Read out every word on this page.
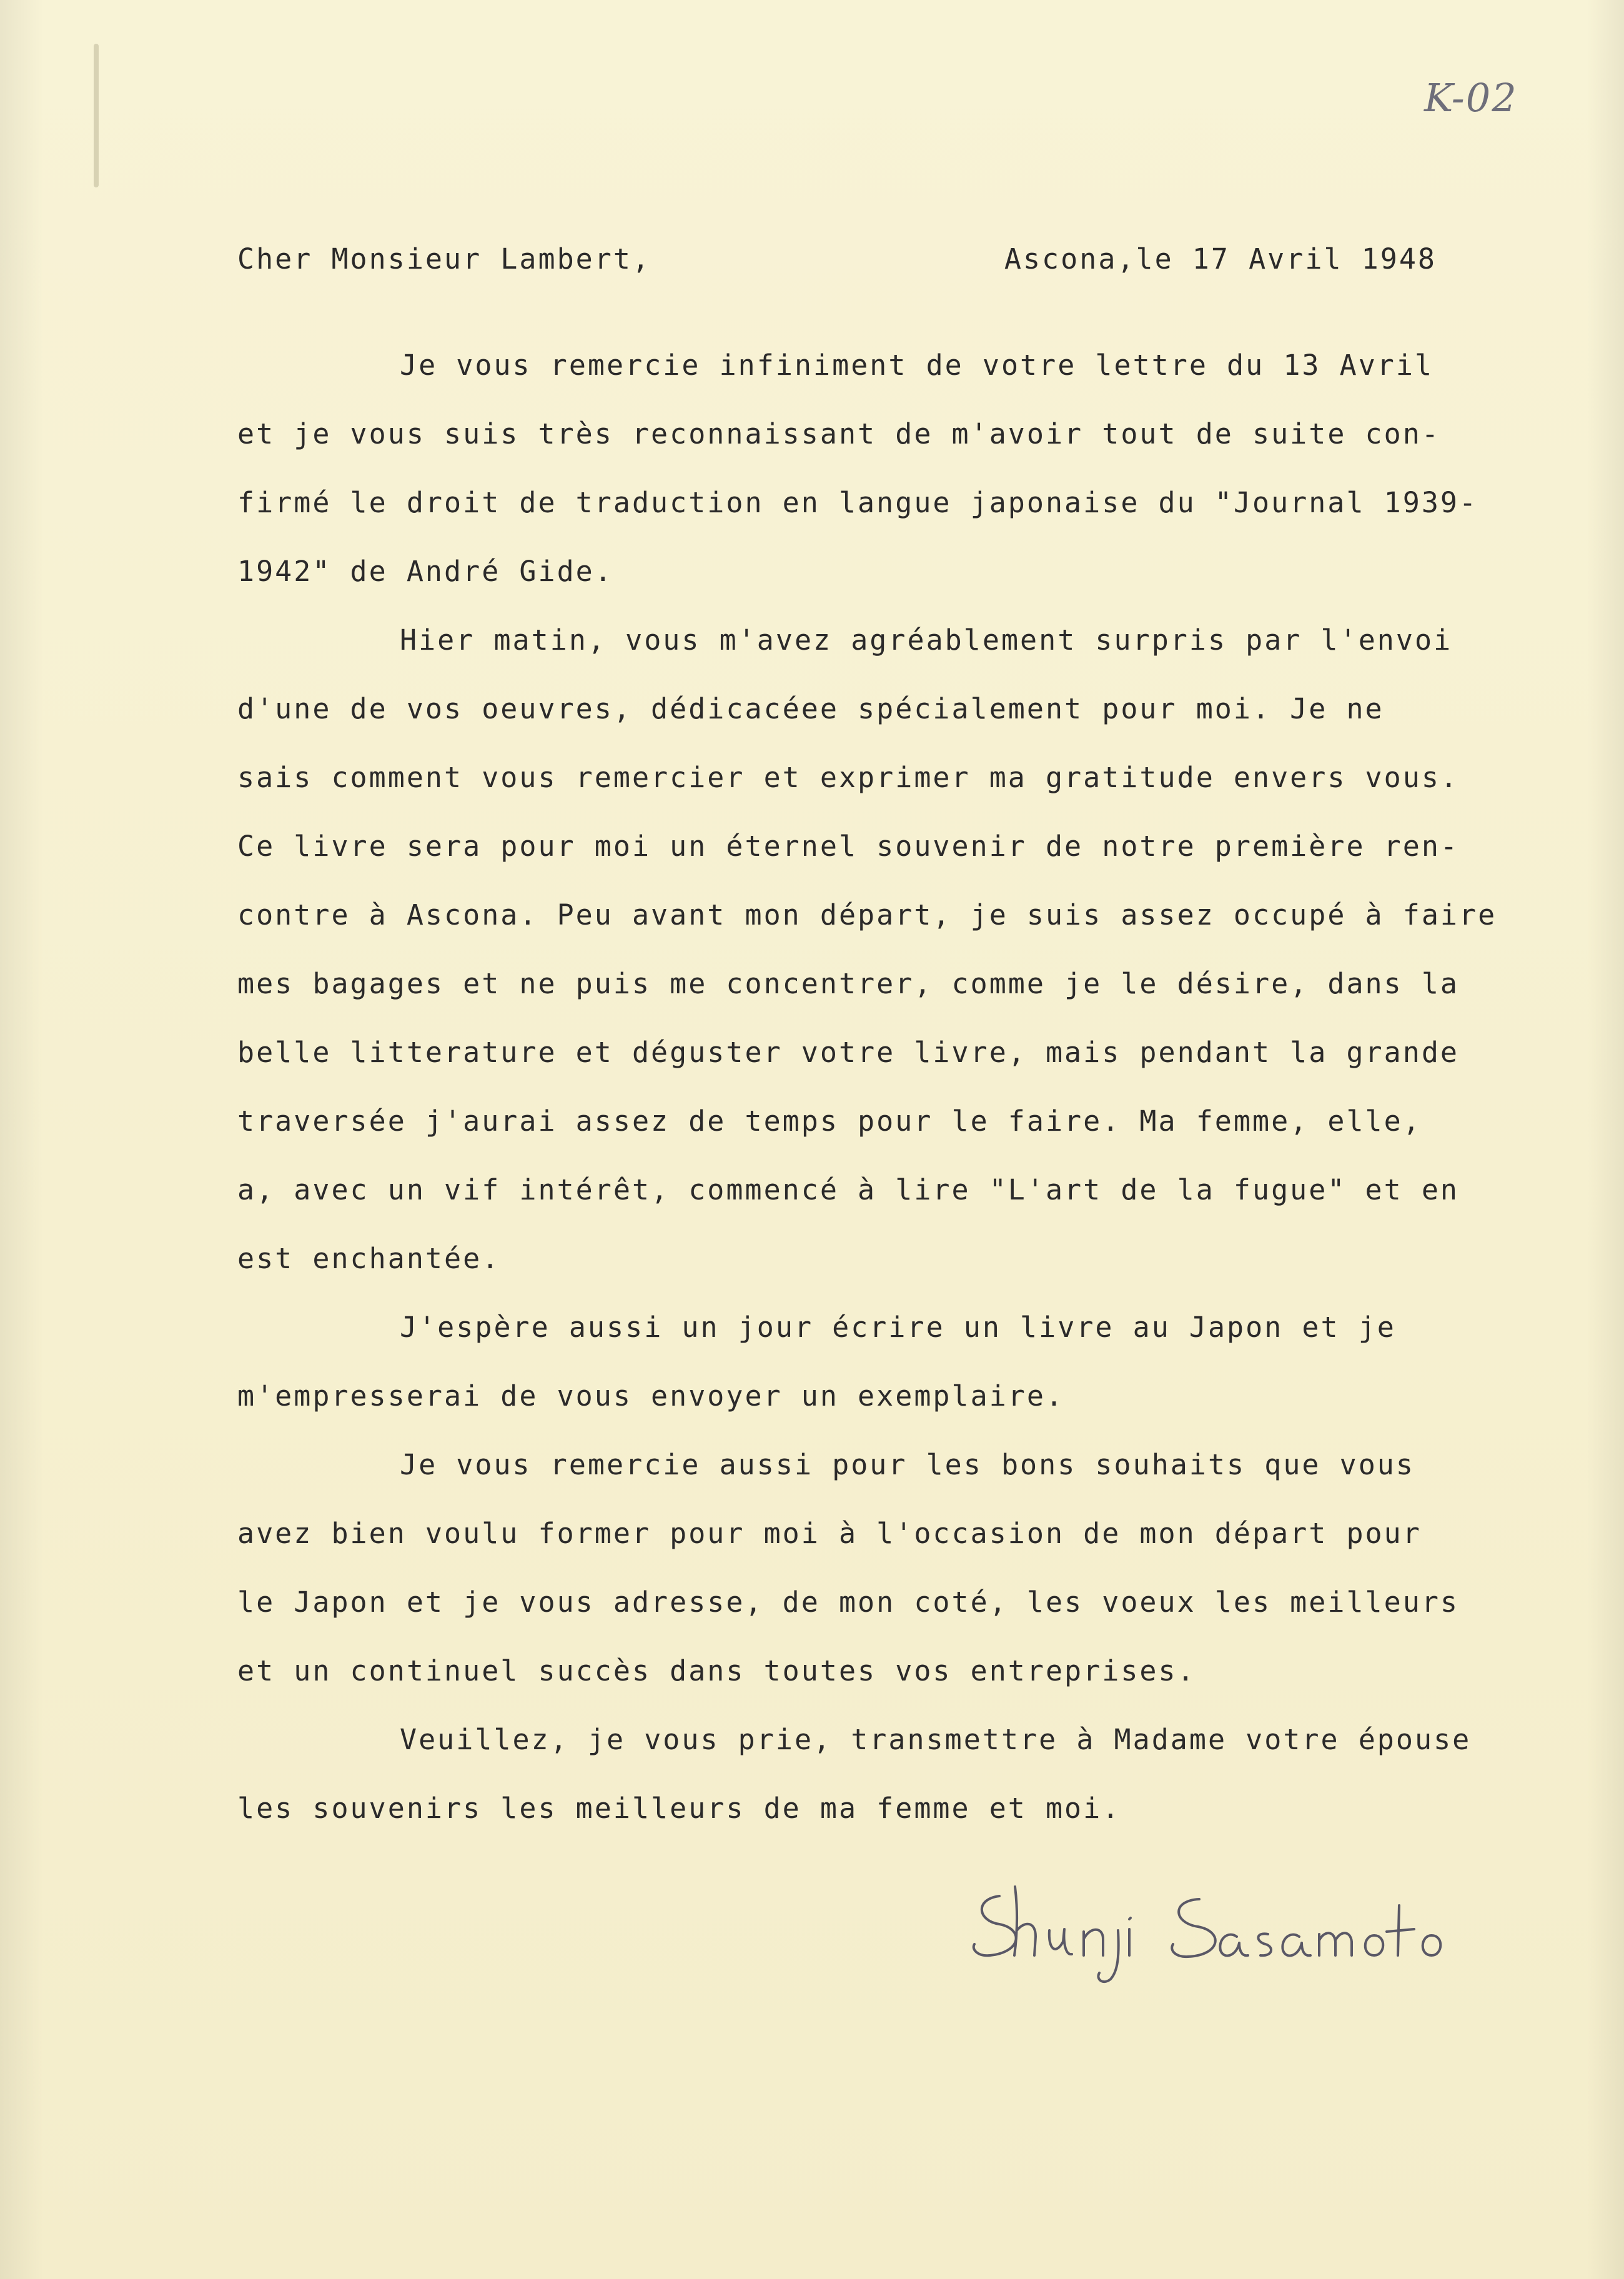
K-02
Cher Monsieur Lambert,	Ascona,le 17 Avril 1948
Je vous remercie infiniment de votre lettre du 13 Avril
et je vous suis très reconnaissant de m'avoir tout de suite con-
firmé le droit de traduction en langue japonaise du "Journal 1939-
1942" de André Gide.
Hier matin, vous m'avez agréablement surpris par l'envoi
d'une de vos oeuvres, dédicacéee spécialement pour moi. Je ne
sais comment vous remercier et exprimer ma gratitude envers vous.
Ce livre sera pour moi un éternel souvenir de notre première ren-
contre à Ascona. Peu avant mon départ, je suis assez occupé à faire
mes bagages et ne puis me concentrer, comme je le désire, dans la
belle litterature et déguster votre livre, mais pendant la grande
traversée j'aurai assez de temps pour le faire. Ma femme, elle,
a, avec un vif intérêt, commencé à lire "L'art de la fugue" et en
est enchantée.
J'espère aussi un jour écrire un livre au Japon et je
m'empresserai de vous envoyer un exemplaire.
Je vous remercie aussi pour les bons souhaits que vous
avez bien voulu former pour moi à l'occasion de mon départ pour
le Japon et je vous adresse, de mon coté, les voeux les meilleurs
et un continuel succès dans toutes vos entreprises.
Veuillez, je vous prie, transmettre à Madame votre épouse
les souvenirs les meilleurs de ma femme et moi.
